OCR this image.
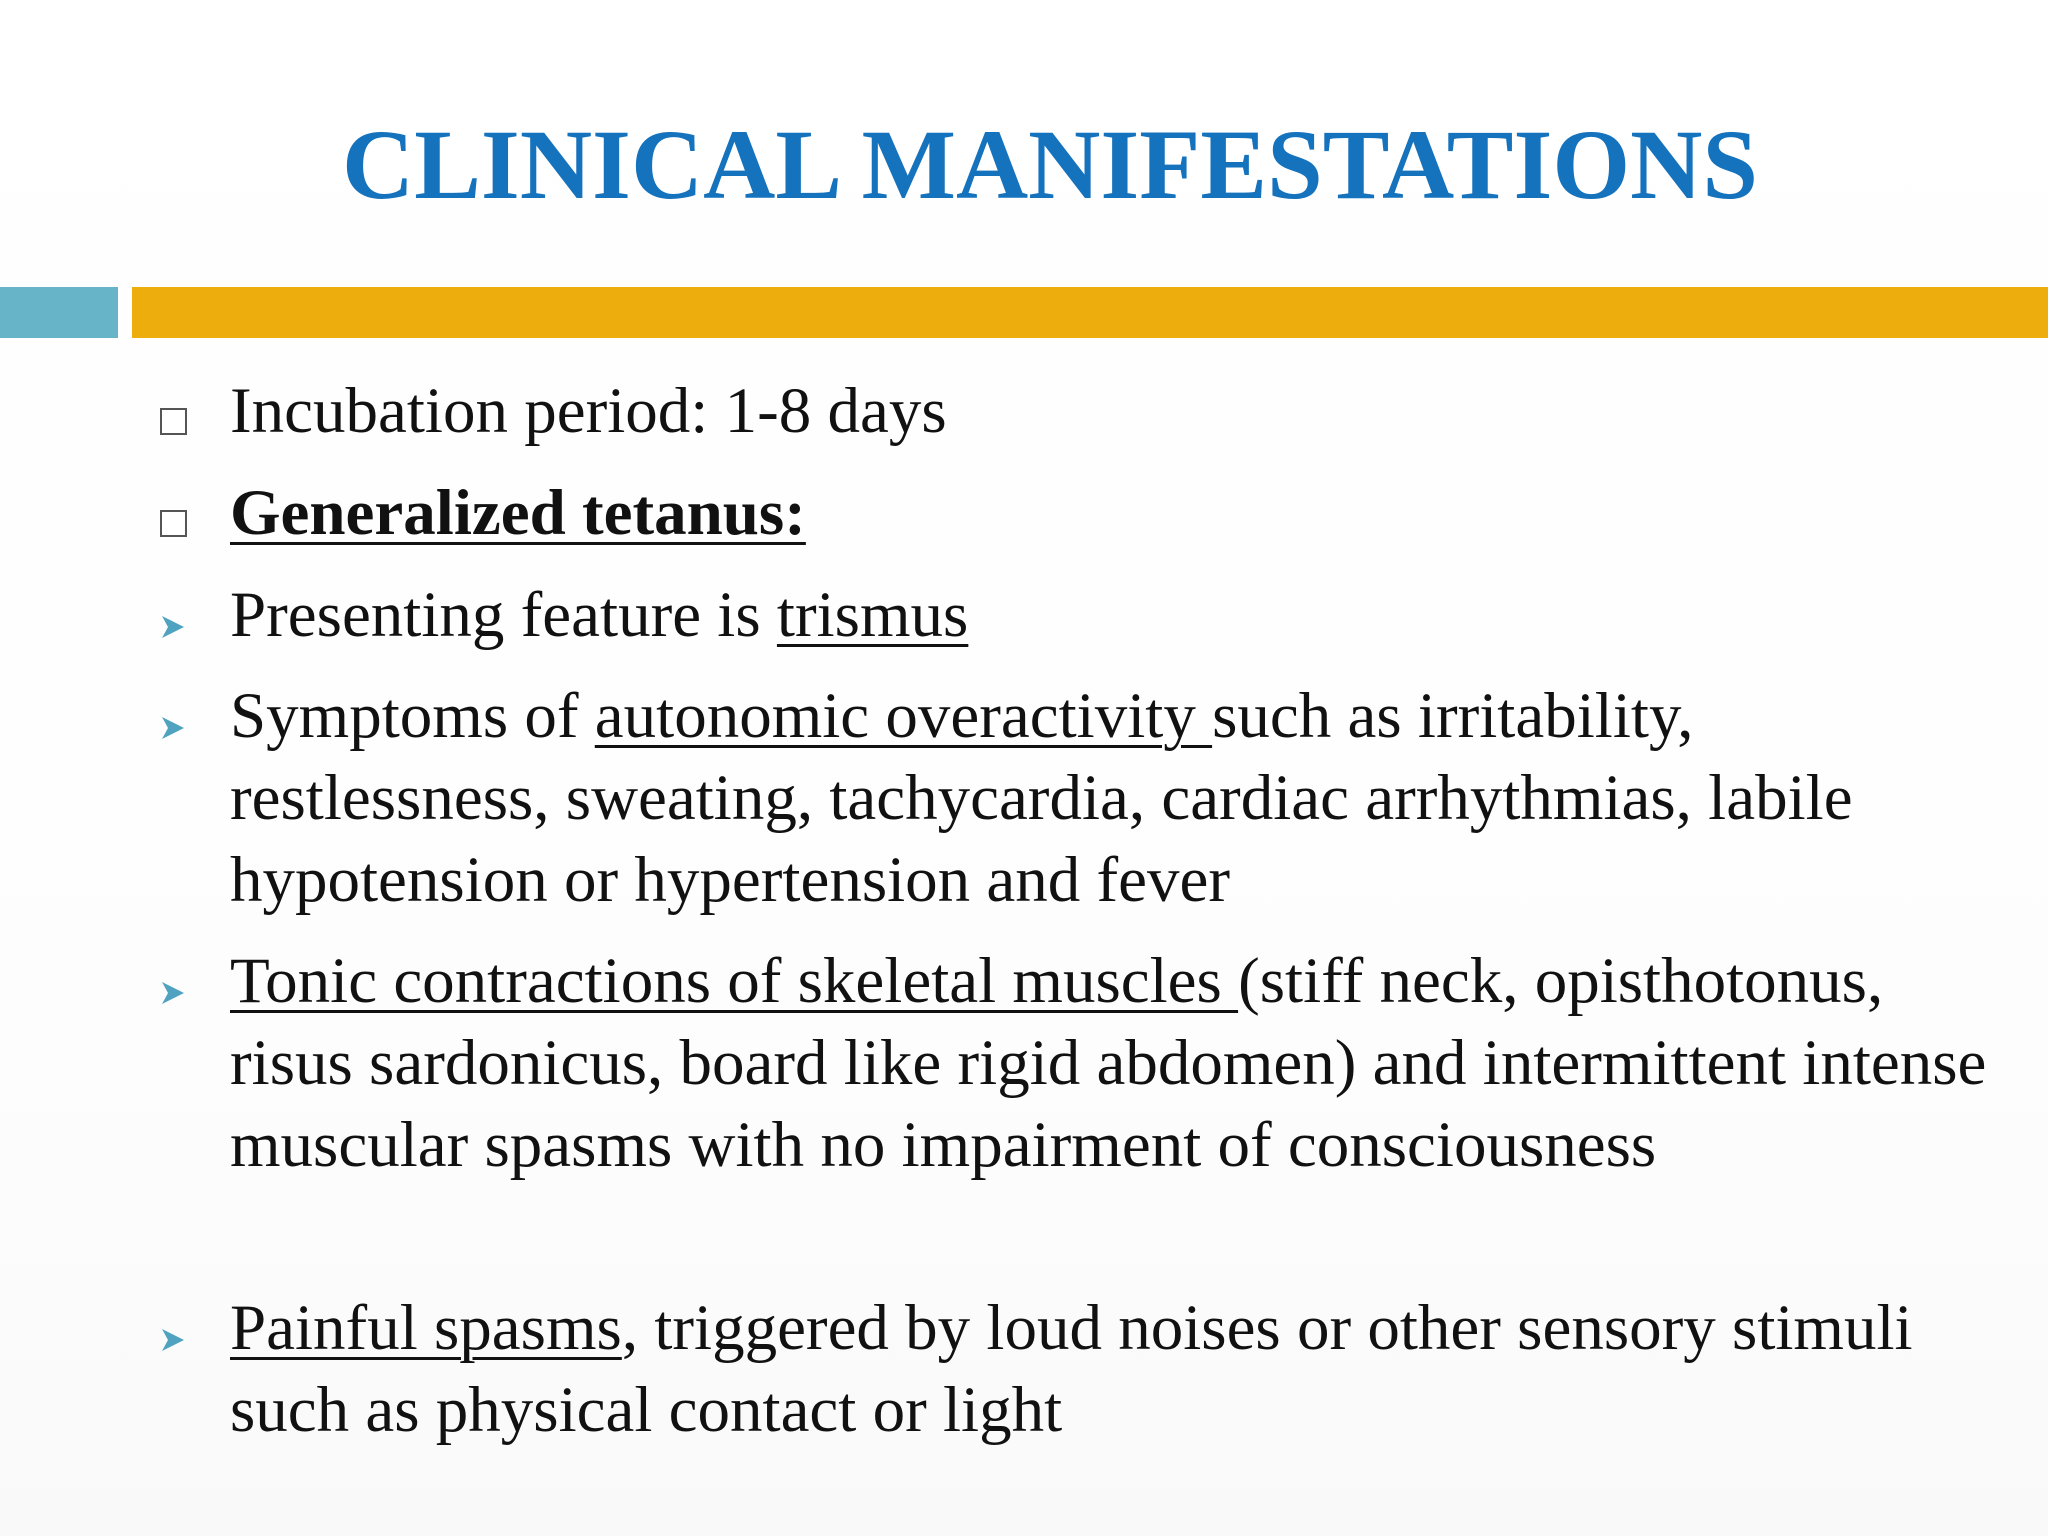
CLINICAL MANIFESTATIONS
Incubation period: 1-8 days
Generalized tetanus:
Presenting feature is trismus
Symptoms of autonomic overactivity such as irritability, restlessness, sweating, tachycardia, cardiac arrhythmias, labile hypotension or hypertension and fever
Tonic contractions of skeletal muscles (stiff neck, opisthotonus, risus sardonicus, board like rigid abdomen) and intermittent intense muscular spasms with no impairment of consciousness
Painful spasms, triggered by loud noises or other sensory stimuli such as physical contact or light
